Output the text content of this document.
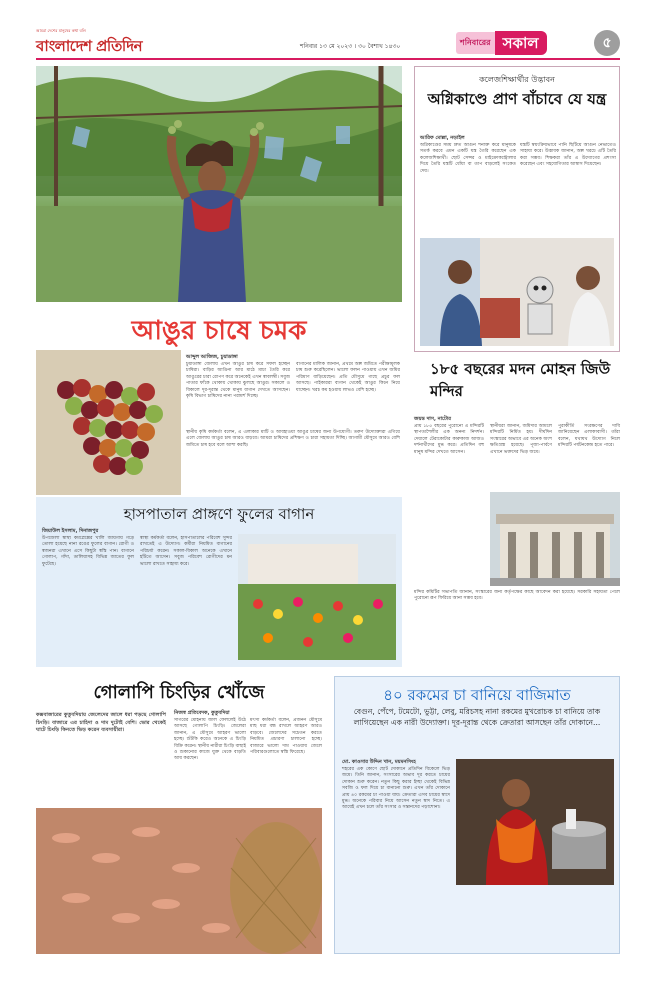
আমরা দেশের মানুষের কথা বলি
বাংলাদেশ প্রতিদিন	শনিবার ১৩ মে ২০২৩ । ৩০ বৈশাখ ১৪৩০	শনিবারের সকাল	৫
আঙুর চাষে চমক
আব্দুল আজিজ, চুয়াডাঙ্গা
চুয়াডাঙ্গা জেলায় এখন আঙুর চাষ করে সফল হচ্ছেন চাষিরা। বাড়ির আঙিনা আর মাঠে মাচা তৈরি করে আঙুরের চারা রোপণ করে অনেকেই এখন স্বাবলম্বী। সবুজ পাতার ফাঁকে থোকায় থোকায় ঝুলছে আঙুর। সকালে ও বিকালে দূর-দূরান্ত থেকে মানুষ বাগান দেখতে আসছেন। কৃষি বিভাগ চাষিদের নানা পরামর্শ দিচ্ছে।
বাগানের মালিক জানান, প্রথমে অল্প জমিতে পরীক্ষামূলক চাষ শুরু করেছিলেন। ভালো ফলন পাওয়ায় এখন জমির পরিমাণ বাড়িয়েছেন। প্রতি মৌসুমে গাছে প্রচুর ফল আসছে। পাইকাররা বাগান থেকেই আঙুর কিনে নিয়ে যাচ্ছেন। খরচ কম হওয়ায় লাভও বেশি হচ্ছে।
স্থানীয় কৃষি কর্মকর্তা বলেন, এ এলাকার মাটি ও আবহাওয়া আঙুর চাষের জন্য উপযোগী। তরুণ উদ্যোক্তারা এগিয়ে এলে জেলায় আঙুর চাষ আরও বাড়বে। আমরা চাষিদের প্রশিক্ষণ ও চারা সহায়তা দিচ্ছি। আগামী মৌসুমে আরও বেশি জমিতে চাষ হবে বলে আশা করছি।
কলেজশিক্ষার্থীর উদ্ভাবন
অগ্নিকাণ্ডে প্রাণ বাঁচাবে যে যন্ত্র
আরিফ মোল্লা, নড়াইল
অগ্নিকাণ্ডের সময় দ্রুত আগুন শনাক্ত করে মানুষকে সতর্ক করবে এমন একটি যন্ত্র তৈরি করেছেন এক কলেজশিক্ষার্থী। ছোট সেন্সর ও মাইক্রোকন্ট্রোলার দিয়ে তৈরি যন্ত্রটি ধোঁয়া বা তাপ বাড়লেই সংকেত দেয়।
যন্ত্রটি স্বয়ংক্রিয়ভাবে পানি ছিটিয়ে আগুন নেভাতেও সাহায্য করে। উদ্ভাবক জানান, অল্প খরচে এটি তৈরি করা সম্ভব। শিক্ষকরা তাঁর এ উদ্যোগের প্রশংসা করেছেন এবং সহযোগিতার আশ্বাস দিয়েছেন।
১৮৫ বছরের মদন মোহন জিউ মন্দির
জয়ন্ত দাস, নাটোর
প্রায় ১৮৫ বছরের পুরোনো এ মন্দিরটি স্থাপত্যশৈলীর এক অনন্য নিদর্শন। দেয়ালে টেরাকোটার কারুকাজ আজও দর্শনার্থীদের মুগ্ধ করে। প্রতিদিন বহু মানুষ মন্দির দেখতে আসেন।
স্থানীয়রা জানান, জমিদার আমলে মন্দিরটি নির্মিত হয়। দীর্ঘদিন সংস্কারের অভাবে এর অনেক অংশ ক্ষতিগ্রস্ত হয়েছে। পূজা-পার্বণে এখানে ভক্তদের ভিড় জমে।
পুরাকীর্তি সংরক্ষণের দাবি জানিয়েছেন এলাকাবাসী। তাঁরা বলেন, যথাযথ উদ্যোগ নিলে মন্দিরটি পর্যটনকেন্দ্র হতে পারে।
মন্দির কমিটির সভাপতি জানান, সংস্কারের জন্য কর্তৃপক্ষের কাছে আবেদন করা হয়েছে। সরকারি সহায়তা পেলে পুরোনো রূপ ফিরিয়ে আনা সম্ভব হবে।
হাসপাতাল প্রাঙ্গণে ফুলের বাগান
জিয়াউল ইসলাম, দিনাজপুর
উপজেলা স্বাস্থ্য কমপ্লেক্সের খালি জায়গায় গড়ে তোলা হয়েছে নানা রঙের ফুলের বাগান। রোগী ও স্বজনরা এখানে এসে কিছুটা স্বস্তি পান। বাগানে গোলাপ, গাঁদা, ডালিয়াসহ বিভিন্ন জাতের ফুল ফুটেছে।
স্বাস্থ্য কর্মকর্তা বলেন, হাসপাতালের পরিবেশ সুন্দর রাখতেই এ উদ্যোগ। কর্মীরা নিয়মিত বাগানের পরিচর্যা করেন। সকাল-বিকাল অনেকে এখানে হাঁটতে আসেন। সবুজ পরিবেশ রোগীদের মন ভালো রাখতে সাহায্য করে।
গোলাপি চিংড়ির খোঁজে
কক্সবাজারের কুতুবদিয়ায় জেলেদের জালে ধরা পড়ছে গোলাপি চিংড়ি। বাজারে এর চাহিদা ও দাম দুটোই বেশি। ভোর থেকেই ঘাটে চিংড়ি কিনতে ভিড় করেন ব্যবসায়ীরা।
নিজস্ব প্রতিবেদক, কুতুবদিয়া
সাগরের মোহনায় জাল ফেললেই উঠে আসছে গোলাপি চিংড়ি। জেলেরা জানান, এ মৌসুমে আহরণ ভালো হচ্ছে। শুঁটকি করেও অনেকে এ চিংড়ি বিক্রি করেন। স্থানীয় নারীরা চিংড়ি বাছাই ও শুকানোর কাজে যুক্ত থেকে বাড়তি আয় করছেন।
মৎস্য কর্মকর্তা বলেন, প্রজনন মৌসুমে মাছ ধরা বন্ধ রাখলে আহরণ আরও বাড়বে। জেলেদের সচেতন করতে নিয়মিত প্রচারণা চালানো হচ্ছে। বাজারে ভালো দাম পাওয়ায় জেলে পরিবারগুলোতে স্বস্তি ফিরেছে।
৪০ রকমের চা বানিয়ে বাজিমাত
বেগুন, পেঁপে, টমেটো, ভুট্টা, লেবু, মরিচসহ নানা রকমের মুখরোচক চা বানিয়ে তাক লাগিয়েছেন এক নারী উদ্যোক্তা। দূর-দূরান্ত থেকে ক্রেতারা আসছেন তাঁর দোকানে...
মো. কাওসার উদ্দিন খান, ময়মনসিংহ
শহরের এক কোণে ছোট দোকানে প্রতিদিন বিকেলে ভিড় জমে। তিনি জানান, সংসারের অভাব দূর করতে চায়ের দোকান শুরু করেন। নতুন কিছু করার ইচ্ছা থেকেই বিভিন্ন সবজি ও ফল দিয়ে চা বানানো শুরু। এখন তাঁর দোকানে প্রায় ৪০ রকমের চা পাওয়া যায়। ক্রেতারা এসব চায়ের স্বাদে মুগ্ধ। অনেকে পরিবার নিয়ে আসেন নতুন স্বাদ নিতে। এ আয়েই এখন চলে তাঁর সংসার ও সন্তানদের পড়াশোনা।
